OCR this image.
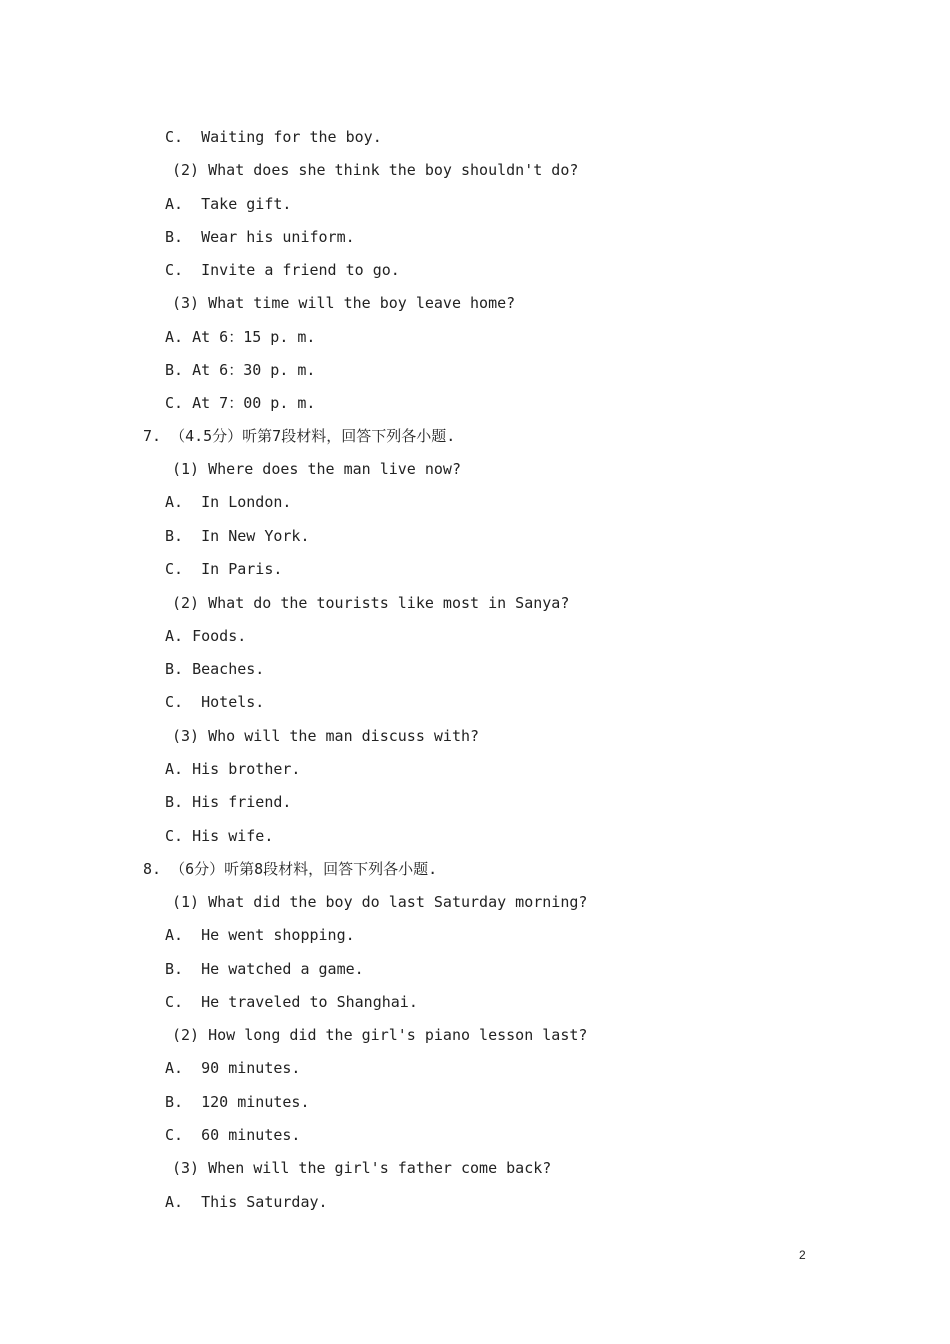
C.  Waiting for the boy.
(2) What does she think the boy shouldn't do?
A.  Take gift.
B.  Wear his uniform.
C.  Invite a friend to go.
(3) What time will the boy leave home?
A. At 6：15 p. m.
B. At 6：30 p. m.
C. At 7：00 p. m.
7. （4.5分）听第7段材料，回答下列各小题.
(1) Where does the man live now?
A.  In London.
B.  In New York.
C.  In Paris.
(2) What do the tourists like most in Sanya?
A. Foods.
B. Beaches.
C.  Hotels.
(3) Who will the man discuss with?
A. His brother.
B. His friend.
C. His wife.
8. （6分）听第8段材料，回答下列各小题.
(1) What did the boy do last Saturday morning?
A.  He went shopping.
B.  He watched a game.
C.  He traveled to Shanghai.
(2) How long did the girl's piano lesson last?
A.  90 minutes.
B.  120 minutes.
C.  60 minutes.
(3) When will the girl's father come back?
A.  This Saturday.
2
